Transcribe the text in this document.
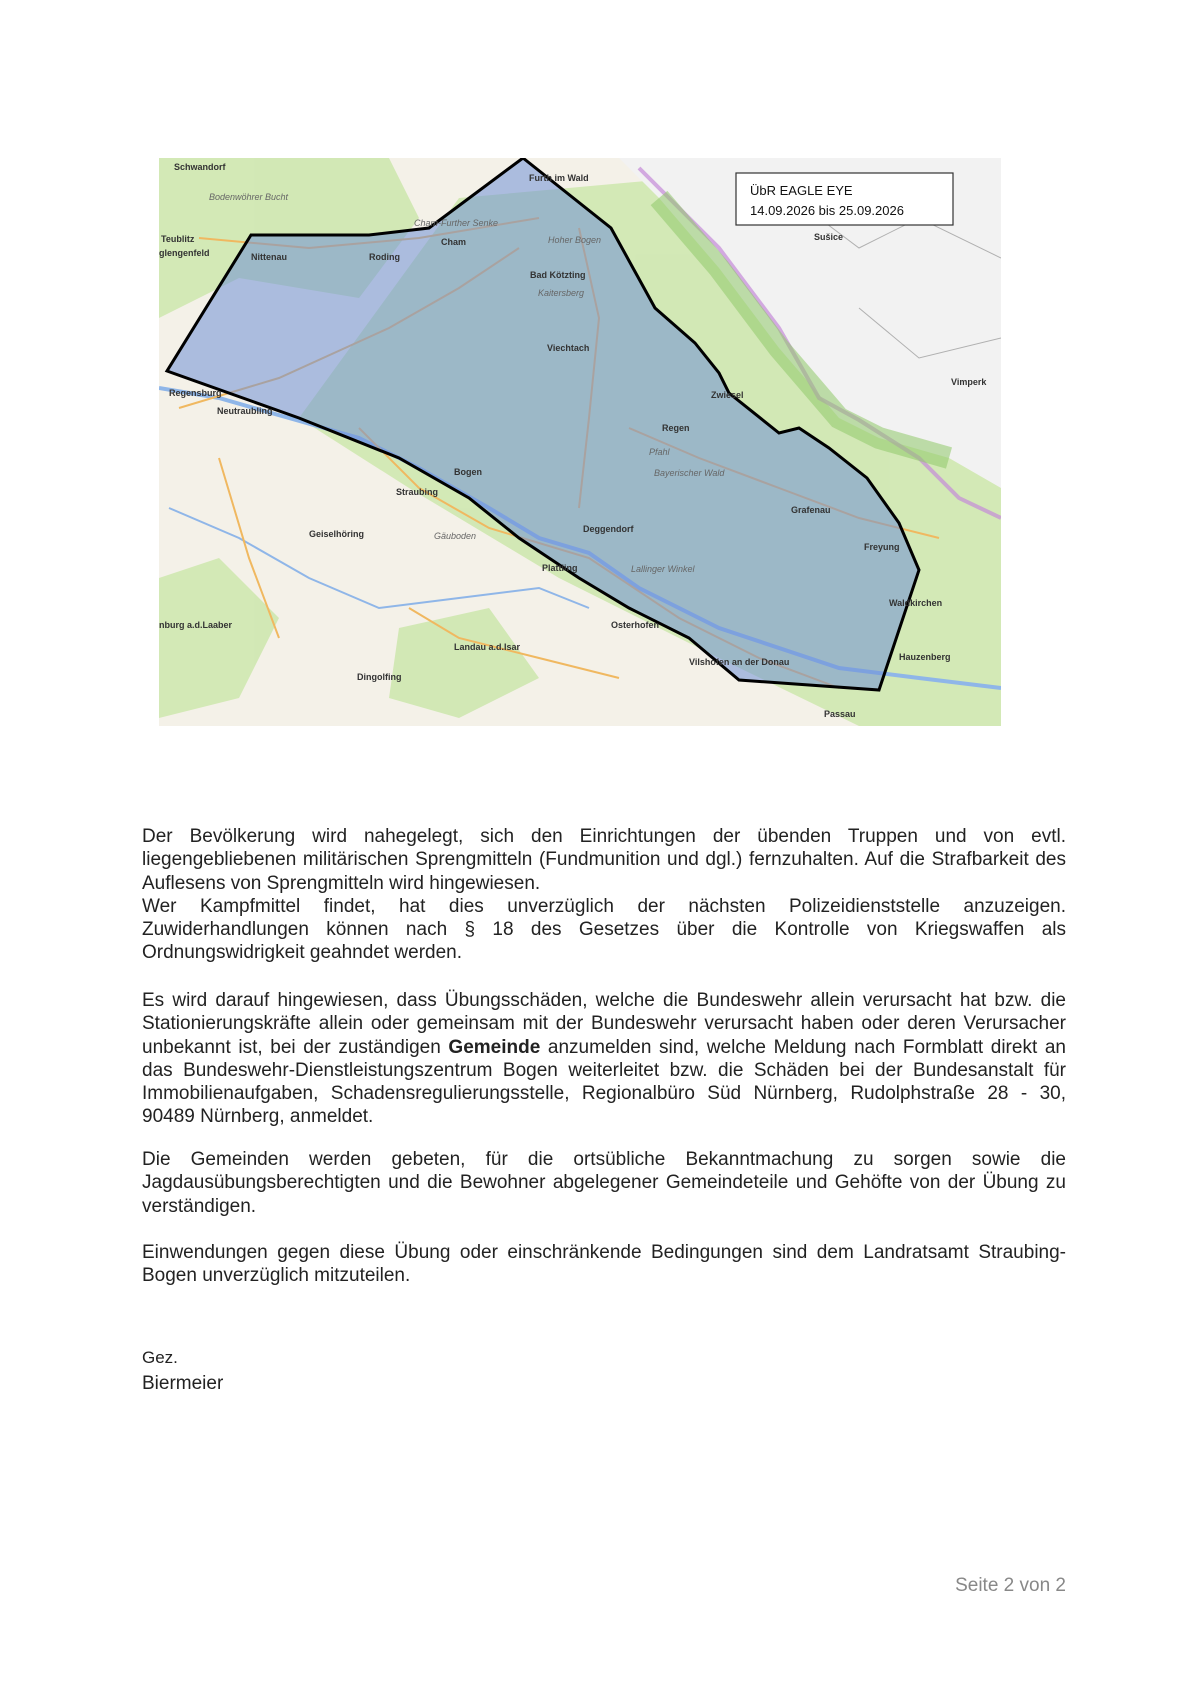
Schwandorf
Bodenwöhrer Bucht
Teublitz
glengenfeld	Nittenau	Roding
Cham-Further Senke
Cham
Furth im Wald
Hoher Bogen
Bad Kötzting
Kaitersberg
Sušice
Viechtach
Regensburg
Neutraubling
Zwiesel
Vimperk
Regen
Pfahl
Bayerischer Wald
Bogen
Straubing
Grafenau
Geiselhöring	Gäuboden
Deggendorf
Freyung
Plattling	Lallinger Winkel
Waldkirchen
nburg a.d.Laaber	Osterhofen
Landau a.d.Isar
Vilshofen an der Donau	Hauzenberg
Dingolfing
Passau
ÜbR EAGLE EYE
14.09.2026 bis 25.09.2026

Der Bevölkerung wird nahegelegt, sich den Einrichtungen der übenden Truppen und von evtl. liegengebliebenen militärischen Sprengmitteln (Fundmunition und dgl.) fernzuhalten. Auf die Strafbarkeit des Auflesens von Sprengmitteln wird hingewiesen.

Wer Kampfmittel findet, hat dies unverzüglich der nächsten Polizeidienststelle anzuzeigen. Zuwiderhandlungen können nach § 18 des Gesetzes über die Kontrolle von Kriegswaffen als Ordnungswidrigkeit geahndet werden.

Es wird darauf hingewiesen, dass Übungsschäden, welche die Bundeswehr allein verursacht hat bzw. die Stationierungskräfte allein oder gemeinsam mit der Bundeswehr verursacht haben oder deren Verursacher unbekannt ist, bei der zuständigen Gemeinde anzumelden sind, welche Meldung nach Formblatt direkt an das Bundeswehr-Dienstleistungszentrum Bogen weiterleitet bzw. die Schäden bei der Bundesanstalt für Immobilienaufgaben, Schadensregulierungsstelle, Regionalbüro Süd Nürnberg, Rudolphstraße 28 - 30, 90489 Nürnberg, anmeldet.

Die Gemeinden werden gebeten, für die ortsübliche Bekanntmachung zu sorgen sowie die Jagdausübungsberechtigten und die Bewohner abgelegener Gemeindeteile und Gehöfte von der Übung zu verständigen.

Einwendungen gegen diese Übung oder einschränkende Bedingungen sind dem Landratsamt Straubing-Bogen unverzüglich mitzuteilen.

Gez.
Biermeier
Seite 2 von 2
